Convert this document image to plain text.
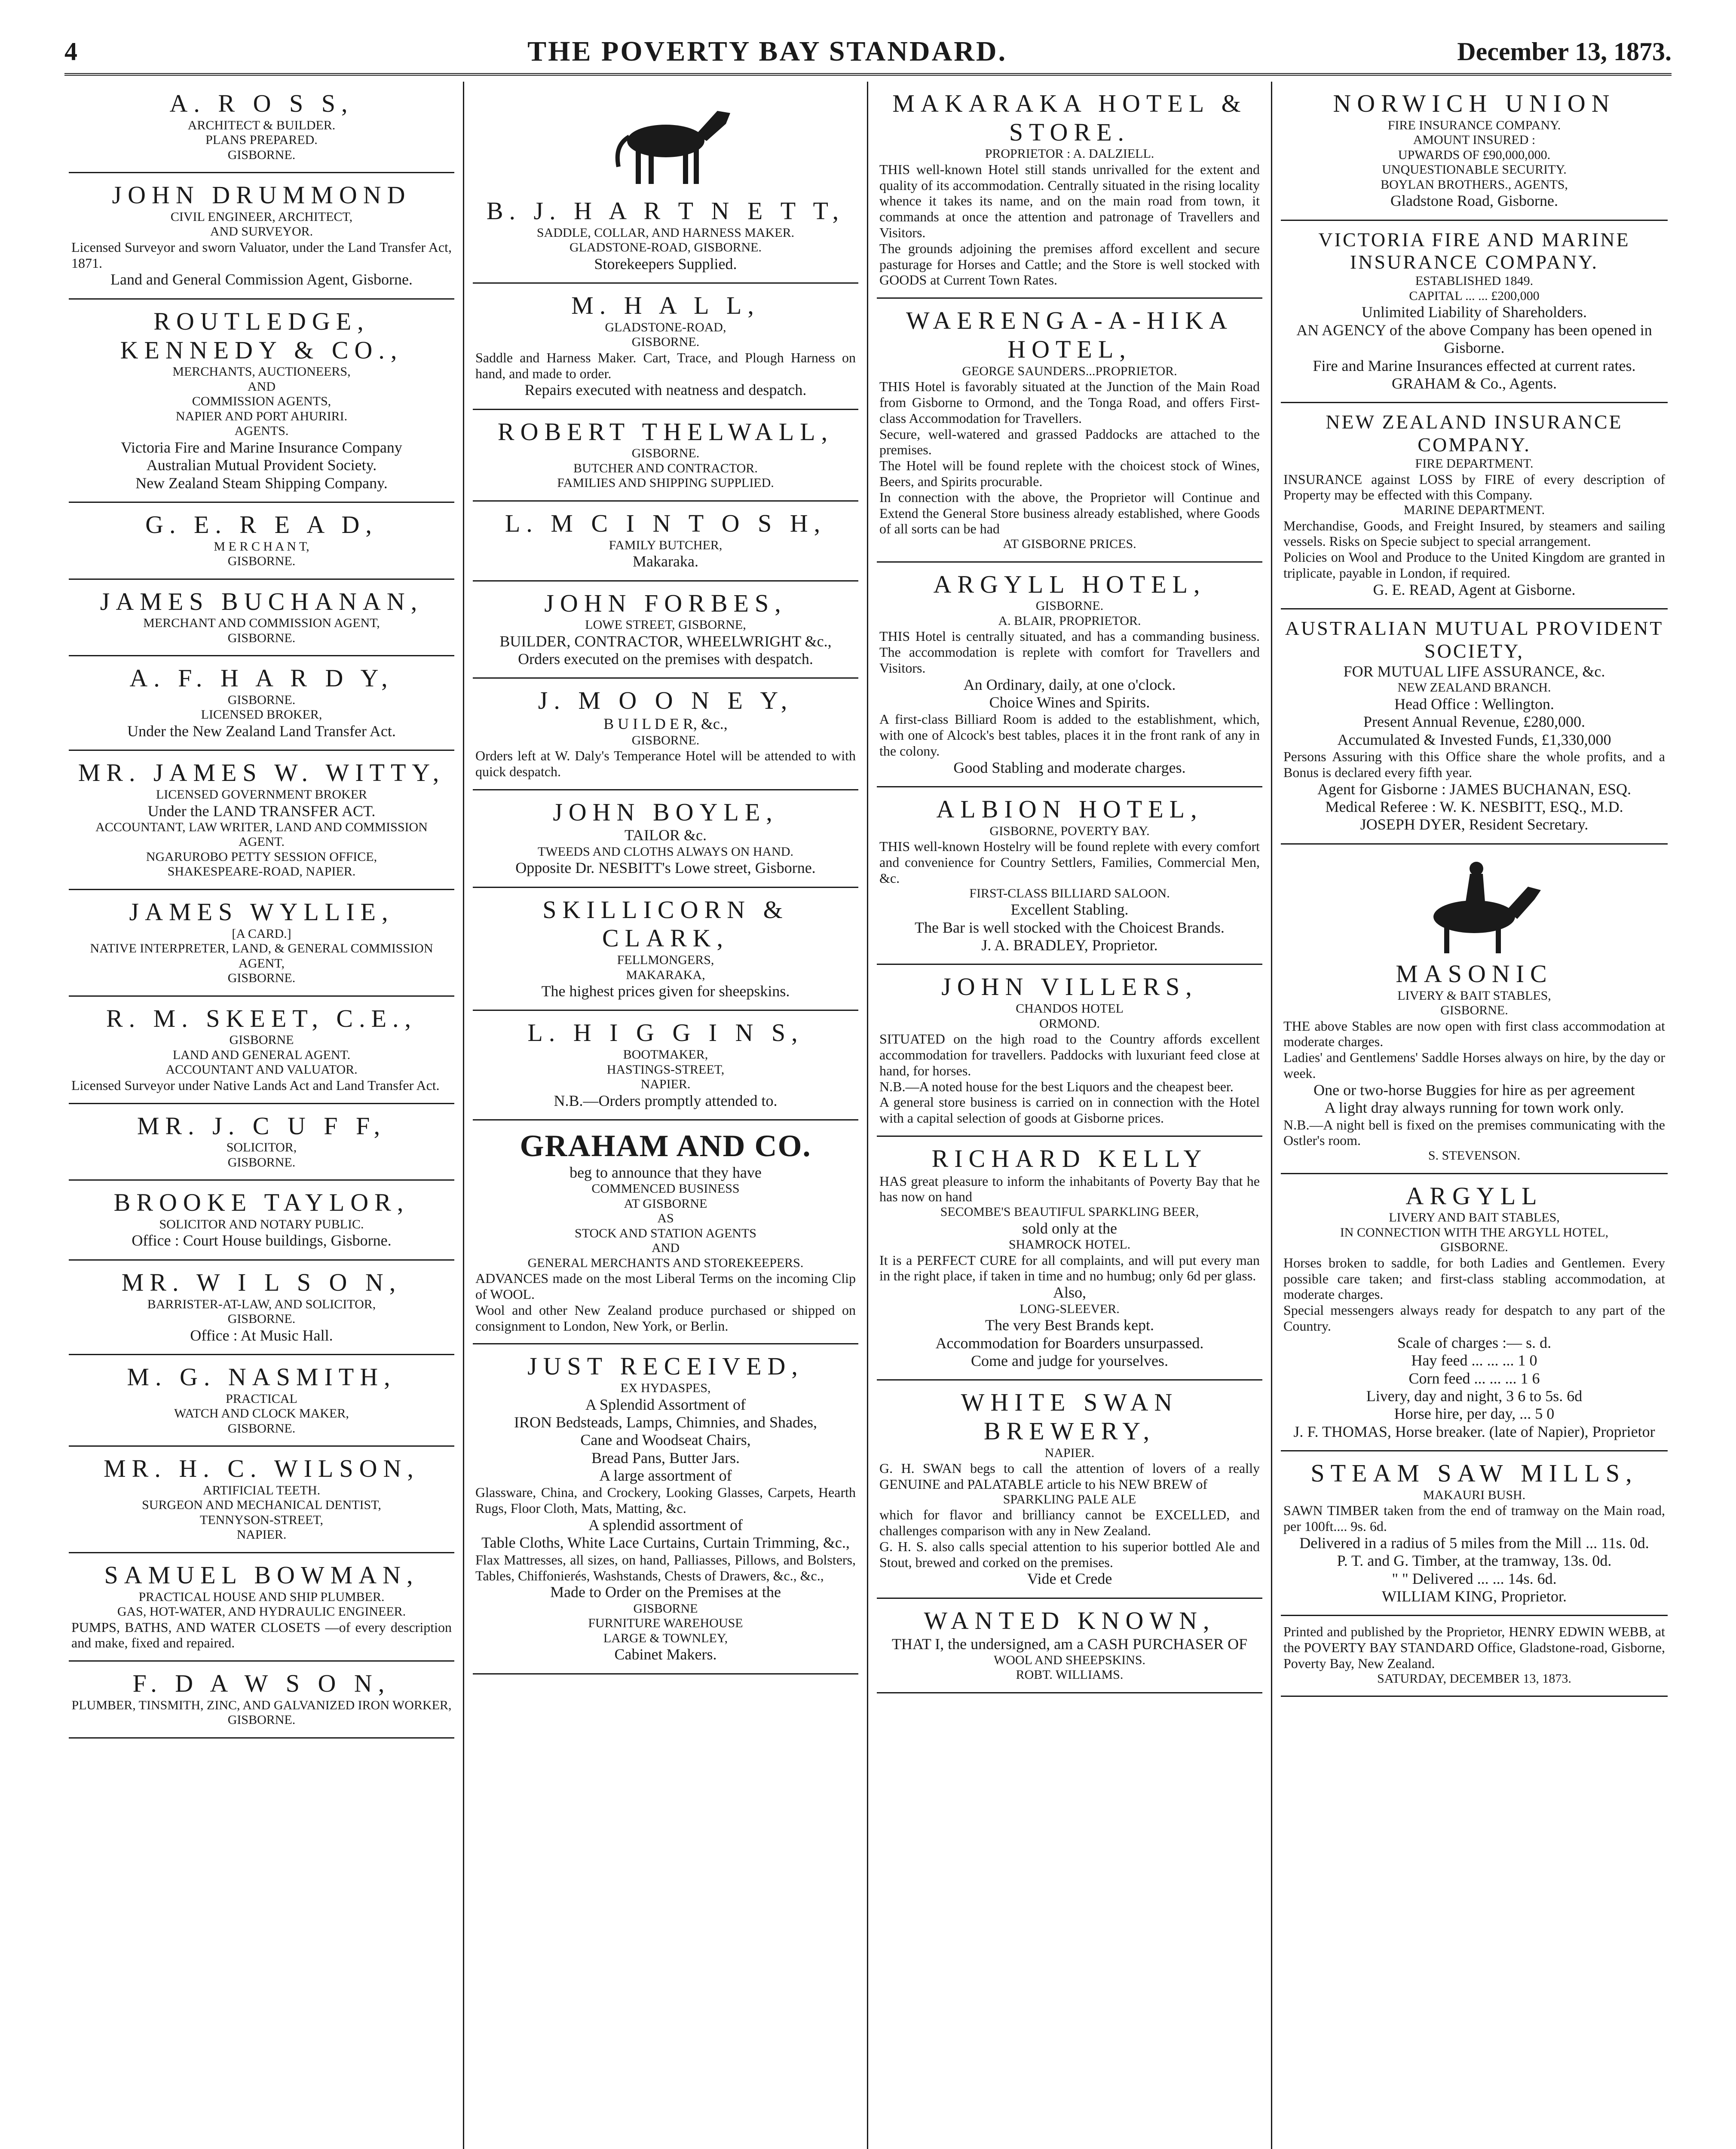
4	THE POVERTY BAY STANDARD.	December 13, 1873.
A. R O S S,
ARCHITECT & BUILDER.
PLANS PREPARED.
GISBORNE.
JOHN DRUMMOND
CIVIL ENGINEER, ARCHITECT,
AND SURVEYOR.
Licensed Surveyor and sworn Valuator, under the Land Transfer Act, 1871.
Land and General Commission Agent, Gisborne.
ROUTLEDGE, KENNEDY & CO.,
MERCHANTS, AUCTIONEERS,
AND
COMMISSION AGENTS,
NAPIER AND PORT AHURIRI.
AGENTS.
Victoria Fire and Marine Insurance Company
Australian Mutual Provident Society.
New Zealand Steam Shipping Company.
G. E. R E A D,
M E R C H A N T,
GISBORNE.
JAMES BUCHANAN,
MERCHANT AND COMMISSION AGENT,
GISBORNE.
A. F. H A R D Y,
GISBORNE.
LICENSED BROKER,
Under the New Zealand Land Transfer Act.
MR. JAMES W. WITTY,
LICENSED GOVERNMENT BROKER
Under the LAND TRANSFER ACT.
ACCOUNTANT, LAW WRITER, LAND AND COMMISSION AGENT.
NGARUROBO PETTY SESSION OFFICE,
SHAKESPEARE-ROAD, NAPIER.
JAMES WYLLIE,
[A CARD.]
NATIVE INTERPRETER, LAND, & GENERAL COMMISSION AGENT,
GISBORNE.
R. M. SKEET, C.E.,
GISBORNE
LAND AND GENERAL AGENT.
ACCOUNTANT AND VALUATOR.
Licensed Surveyor under Native Lands Act and Land Transfer Act.
MR. J. C U F F,
SOLICITOR,
GISBORNE.
BROOKE TAYLOR,
SOLICITOR AND NOTARY PUBLIC.
Office : Court House buildings, Gisborne.
MR. W I L S O N,
BARRISTER-AT-LAW, AND SOLICITOR,
GISBORNE.
Office : At Music Hall.
M. G. NASMITH,
PRACTICAL
WATCH AND CLOCK MAKER,
GISBORNE.
MR. H. C. WILSON,
ARTIFICIAL TEETH.
SURGEON AND MECHANICAL DENTIST,
TENNYSON-STREET,
NAPIER.
SAMUEL BOWMAN,
PRACTICAL HOUSE AND SHIP PLUMBER.
GAS, HOT-WATER, AND HYDRAULIC ENGINEER.
PUMPS, BATHS, AND WATER CLOSETS —of every description and make, fixed and repaired.
F. D A W S O N,
PLUMBER, TINSMITH, ZINC, AND GALVANIZED IRON WORKER,
GISBORNE.
B. J. H A R T N E T T,
SADDLE, COLLAR, AND HARNESS MAKER.
GLADSTONE-ROAD, GISBORNE.
Storekeepers Supplied.
M. H A L L,
GLADSTONE-ROAD,
GISBORNE.
Saddle and Harness Maker. Cart, Trace, and Plough Harness on hand, and made to order.
Repairs executed with neatness and despatch.
ROBERT THELWALL,
GISBORNE.
BUTCHER AND CONTRACTOR.
FAMILIES AND SHIPPING SUPPLIED.
L. M C I N T O S H,
FAMILY BUTCHER,
Makaraka.
JOHN FORBES,
LOWE STREET, GISBORNE,
BUILDER, CONTRACTOR, WHEELWRIGHT &c.,
Orders executed on the premises with despatch.
J. M O O N E Y,
B U I L D E R, &c.,
GISBORNE.
Orders left at W. Daly's Temperance Hotel will be attended to with quick despatch.
JOHN BOYLE,
TAILOR &c.
TWEEDS AND CLOTHS ALWAYS ON HAND.
Opposite Dr. NESBITT's Lowe street, Gisborne.
SKILLICORN & CLARK,
FELLMONGERS,
MAKARAKA,
The highest prices given for sheepskins.
L. H I G G I N S,
BOOTMAKER,
HASTINGS-STREET,
NAPIER.
N.B.—Orders promptly attended to.
GRAHAM AND CO.
beg to announce that they have
COMMENCED BUSINESS
AT GISBORNE
AS
STOCK AND STATION AGENTS
AND
GENERAL MERCHANTS AND STOREKEEPERS.
ADVANCES made on the most Liberal Terms on the incoming Clip of WOOL.
Wool and other New Zealand produce purchased or shipped on consignment to London, New York, or Berlin.
JUST RECEIVED,
EX HYDASPES,
A Splendid Assortment of
IRON Bedsteads, Lamps, Chimnies, and Shades,
Cane and Woodseat Chairs,
Bread Pans, Butter Jars.
A large assortment of
Glassware, China, and Crockery, Looking Glasses, Carpets, Hearth Rugs, Floor Cloth, Mats, Matting, &c.
A splendid assortment of
Table Cloths, White Lace Curtains, Curtain Trimming, &c.,
Flax Mattresses, all sizes, on hand, Palliasses, Pillows, and Bolsters, Tables, Chiffonierés, Washstands, Chests of Drawers, &c., &c.,
Made to Order on the Premises at the
GISBORNE
FURNITURE WAREHOUSE
LARGE & TOWNLEY,
Cabinet Makers.
MAKARAKA HOTEL & STORE.
PROPRIETOR : A. DALZIELL.
THIS well-known Hotel still stands unrivalled for the extent and quality of its accommodation. Centrally situated in the rising locality whence it takes its name, and on the main road from town, it commands at once the attention and patronage of Travellers and Visitors.
The grounds adjoining the premises afford excellent and secure pasturage for Horses and Cattle; and the Store is well stocked with GOODS at Current Town Rates.
WAERENGA-A-HIKA HOTEL,
GEORGE SAUNDERS...PROPRIETOR.
THIS Hotel is favorably situated at the Junction of the Main Road from Gisborne to Ormond, and the Tonga Road, and offers First-class Accommodation for Travellers.
Secure, well-watered and grassed Paddocks are attached to the premises.
The Hotel will be found replete with the choicest stock of Wines, Beers, and Spirits procurable.
In connection with the above, the Proprietor will Continue and Extend the General Store business already established, where Goods of all sorts can be had
AT GISBORNE PRICES.
ARGYLL HOTEL,
GISBORNE.
A. BLAIR, PROPRIETOR.
THIS Hotel is centrally situated, and has a commanding business. The accommodation is replete with comfort for Travellers and Visitors.
An Ordinary, daily, at one o'clock.
Choice Wines and Spirits.
A first-class Billiard Room is added to the establishment, which, with one of Alcock's best tables, places it in the front rank of any in the colony.
Good Stabling and moderate charges.
ALBION HOTEL,
GISBORNE, POVERTY BAY.
THIS well-known Hostelry will be found replete with every comfort and convenience for Country Settlers, Families, Commercial Men, &c.
FIRST-CLASS BILLIARD SALOON.
Excellent Stabling.
The Bar is well stocked with the Choicest Brands.
J. A. BRADLEY, Proprietor.
JOHN VILLERS,
CHANDOS HOTEL
ORMOND.
SITUATED on the high road to the Country affords excellent accommodation for travellers. Paddocks with luxuriant feed close at hand, for horses.
N.B.—A noted house for the best Liquors and the cheapest beer.
A general store business is carried on in connection with the Hotel with a capital selection of goods at Gisborne prices.
RICHARD KELLY
HAS great pleasure to inform the inhabitants of Poverty Bay that he has now on hand
SECOMBE'S BEAUTIFUL SPARKLING BEER,
sold only at the
SHAMROCK HOTEL.
It is a PERFECT CURE for all complaints, and will put every man in the right place, if taken in time and no humbug; only 6d per glass.
Also,
LONG-SLEEVER.
The very Best Brands kept.
Accommodation for Boarders unsurpassed.
Come and judge for yourselves.
WHITE SWAN BREWERY,
NAPIER.
G. H. SWAN begs to call the attention of lovers of a really GENUINE and PALATABLE article to his NEW BREW of
SPARKLING PALE ALE
which for flavor and brilliancy cannot be EXCELLED, and challenges comparison with any in New Zealand.
G. H. S. also calls special attention to his superior bottled Ale and Stout, brewed and corked on the premises.
Vide et Crede
WANTED KNOWN,
THAT I, the undersigned, am a CASH PURCHASER OF
WOOL AND SHEEPSKINS.
ROBT. WILLIAMS.
NORWICH UNION
FIRE INSURANCE COMPANY.
AMOUNT INSURED :
UPWARDS OF £90,000,000.
UNQUESTIONABLE SECURITY.
BOYLAN BROTHERS., AGENTS,
Gladstone Road, Gisborne.
VICTORIA FIRE AND MARINE INSURANCE COMPANY.
ESTABLISHED 1849.
CAPITAL ... ... £200,000
Unlimited Liability of Shareholders.
AN AGENCY of the above Company has been opened in Gisborne.
Fire and Marine Insurances effected at current rates.
GRAHAM & Co., Agents.
NEW ZEALAND INSURANCE COMPANY.
FIRE DEPARTMENT.
INSURANCE against LOSS by FIRE of every description of Property may be effected with this Company.
MARINE DEPARTMENT.
Merchandise, Goods, and Freight Insured, by steamers and sailing vessels. Risks on Specie subject to special arrangement.
Policies on Wool and Produce to the United Kingdom are granted in triplicate, payable in London, if required.
G. E. READ, Agent at Gisborne.
AUSTRALIAN MUTUAL PROVIDENT SOCIETY,
FOR MUTUAL LIFE ASSURANCE, &c.
NEW ZEALAND BRANCH.
Head Office : Wellington.
Present Annual Revenue, £280,000.
Accumulated & Invested Funds, £1,330,000
Persons Assuring with this Office share the whole profits, and a Bonus is declared every fifth year.
Agent for Gisborne : JAMES BUCHANAN, ESQ.
Medical Referee : W. K. NESBITT, ESQ., M.D.
JOSEPH DYER, Resident Secretary.
MASONIC
LIVERY & BAIT STABLES,
GISBORNE.
THE above Stables are now open with first class accommodation at moderate charges.
Ladies' and Gentlemens' Saddle Horses always on hire, by the day or week.
One or two-horse Buggies for hire as per agreement
A light dray always running for town work only.
N.B.—A night bell is fixed on the premises communicating with the Ostler's room.
S. STEVENSON.
ARGYLL
LIVERY AND BAIT STABLES,
IN CONNECTION WITH THE ARGYLL HOTEL,
GISBORNE.
Horses broken to saddle, for both Ladies and Gentlemen. Every possible care taken; and first-class stabling accommodation, at moderate charges.
Special messengers always ready for despatch to any part of the Country.
Scale of charges :— s. d.
Hay feed ... ... ... 1 0
Corn feed ... ... ... 1 6
Livery, day and night, 3 6 to 5s. 6d
Horse hire, per day, ... 5 0
J. F. THOMAS, Horse breaker. (late of Napier), Proprietor
STEAM SAW MILLS,
MAKAURI BUSH.
SAWN TIMBER taken from the end of tramway on the Main road, per 100ft.... 9s. 6d.
Delivered in a radius of 5 miles from the Mill ... 11s. 0d.
P. T. and G. Timber, at the tramway, 13s. 0d.
" " Delivered ... ... 14s. 6d.
WILLIAM KING, Proprietor.
Printed and published by the Proprietor, HENRY EDWIN WEBB, at the POVERTY BAY STANDARD Office, Gladstone-road, Gisborne, Poverty Bay, New Zealand.
SATURDAY, DECEMBER 13, 1873.
